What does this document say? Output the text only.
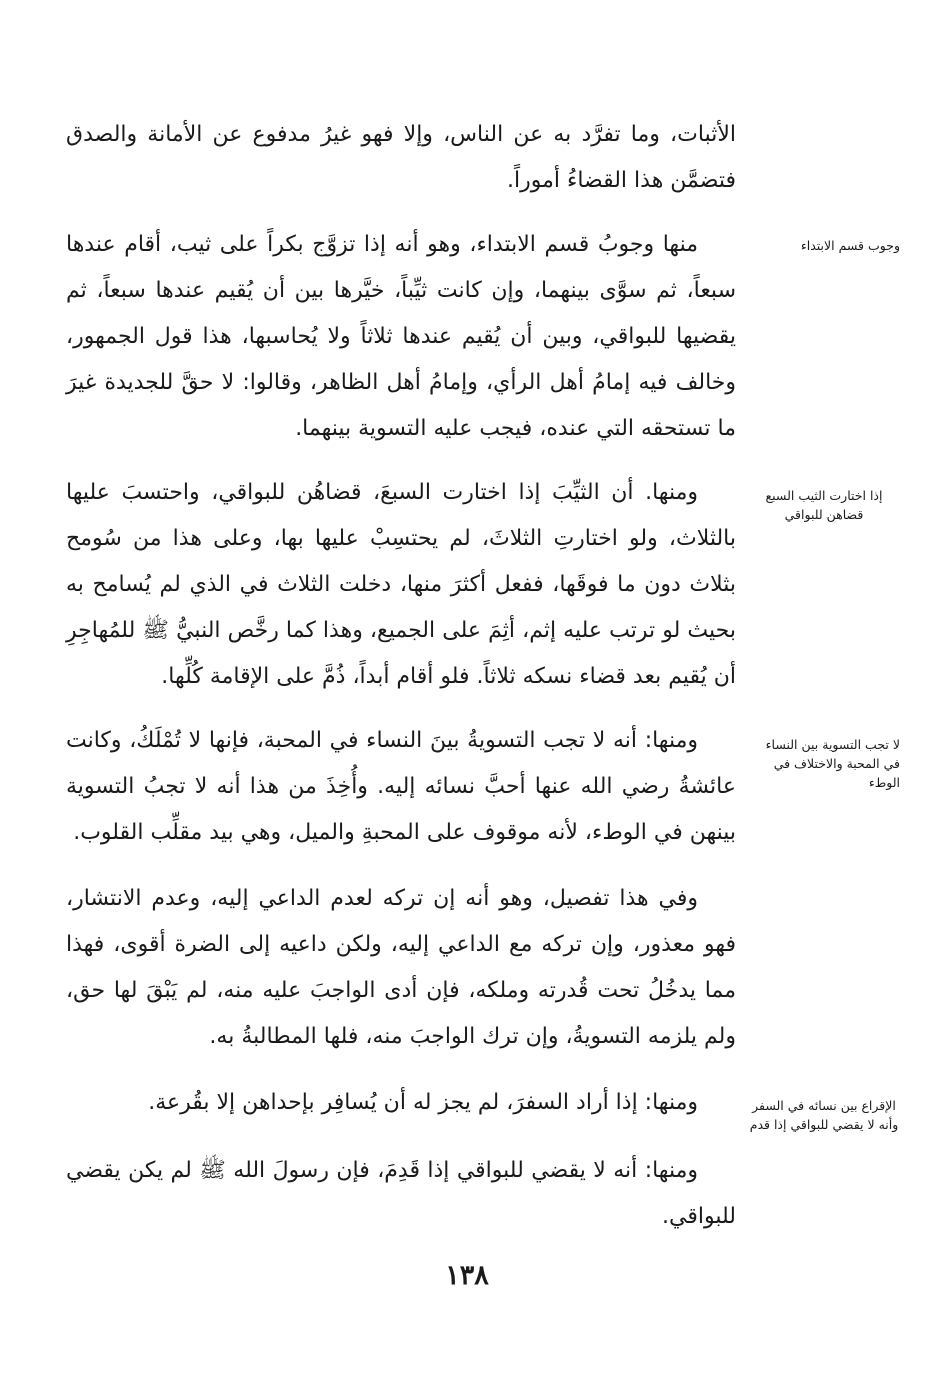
الأثبات، وما تفرَّد به عن الناس، وإلا فهو غيرُ مدفوع عن الأمانة والصدق فتضمَّن هذا القضاءُ أموراً.

منها وجوبُ قسم الابتداء، وهو أنه إذا تزوَّج بكراً على ثيب، أقام عندها سبعاً، ثم سوَّى بينهما، وإن كانت ثيِّباً، خيَّرها بين أن يُقيم عندها سبعاً، ثم يقضيها للبواقي، وبين أن يُقيم عندها ثلاثاً ولا يُحاسبها، هذا قول الجمهور، وخالف فيه إمامُ أهل الرأي، وإمامُ أهل الظاهر، وقالوا: لا حقَّ للجديدة غيرَ ما تستحقه التي عنده، فيجب عليه التسوية بينهما.

وجوب قسم الابتداء

ومنها. أن الثيِّبَ إذا اختارت السبعَ، قضاهُن للبواقي، واحتسبَ عليها بالثلاث، ولو اختارتِ الثلاثَ، لم يحتسِبْ عليها بها، وعلى هذا من سُومح بثلاث دون ما فوقَها، ففعل أكثرَ منها، دخلت الثلاث في الذي لم يُسامح به بحيث لو ترتب عليه إثم، أثِمَ على الجميع، وهذا كما رخَّص النبيُّ ﷺ للمُهاجِرِ أن يُقيم بعد قضاء نسكه ثلاثاً. فلو أقام أبداً، ذُمَّ على الإقامة كُلِّها.

إذا اختارت الثيب السبع قضاهن للبواقي

ومنها: أنه لا تجب التسويةُ بينَ النساء في المحبة، فإنها لا تُمْلَكُ، وكانت عائشةُ رضي الله عنها أحبَّ نسائه إليه. وأُخِذَ من هذا أنه لا تجبُ التسوية بينهن في الوطء، لأنه موقوف على المحبةِ والميل، وهي بيد مقلِّب القلوب.

لا تجب التسوية بين النساء في المحبة والاختلاف في الوطء

وفي هذا تفصيل، وهو أنه إن تركه لعدم الداعي إليه، وعدم الانتشار، فهو معذور، وإن تركه مع الداعي إليه، ولكن داعيه إلى الضرة أقوى، فهذا مما يدخُلُ تحت قُدرته وملكه، فإن أدى الواجبَ عليه منه، لم يَبْقَ لها حق، ولم يلزمه التسويةُ، وإن ترك الواجبَ منه، فلها المطالبةُ به.

ومنها: إذا أراد السفرَ، لم يجز له أن يُسافِر بإحداهن إلا بقُرعة.	الإقراع بين نسائه في السفر وأنه لا يقضي للبواقي إذا قدم

ومنها: أنه لا يقضي للبواقي إذا قَدِمَ، فإن رسولَ الله ﷺ لم يكن يقضي للبواقي.

١٣٨
